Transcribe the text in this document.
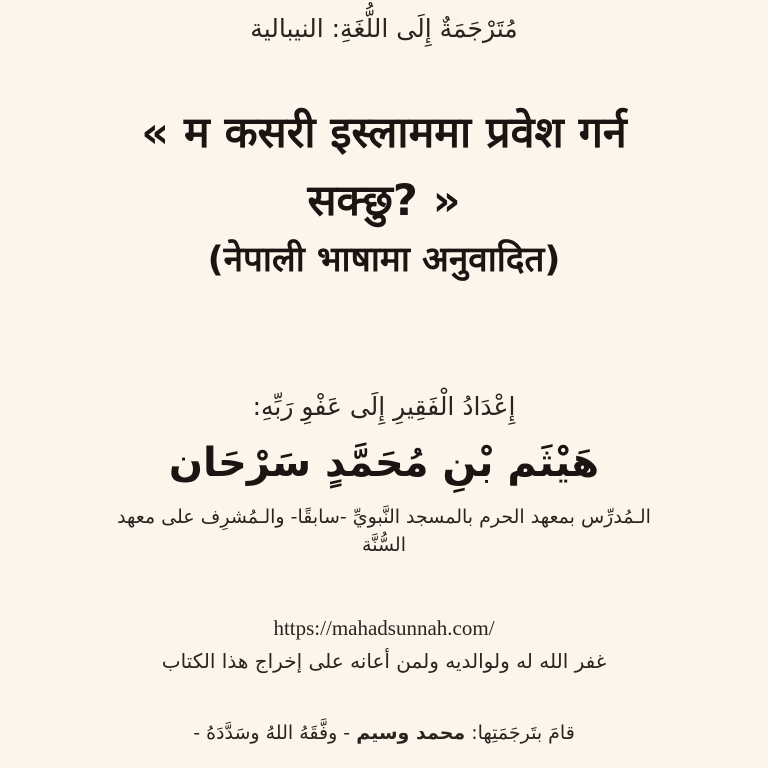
مُتَرْجَمَةٌ إِلَى اللُّغَةِ: النيبالية
« म कसरी इस्लाममा प्रवेश गर्न
सक्छु? »
(नेपाली भाषामा अनुवादित)
إِعْدَادُ الْفَقِيرِ إِلَى عَفْوِ رَبِّهِ:
هَيْثَم بْنِ مُحَمَّدٍ سَرْحَان
الـمُدرِّس بمعهد الحرم بالمسجد النَّبويِّ -سابقًا- والـمُشرِف على معهد
السُّنَّة
https://mahadsunnah.com/
غفر الله له ولوالديه ولمن أعانه على إخراج هذا الكتاب
قامَ بتَرجَمَتِها: محمد وسيم - وفَّقَهُ اللهُ وسَدَّدَهُ -
